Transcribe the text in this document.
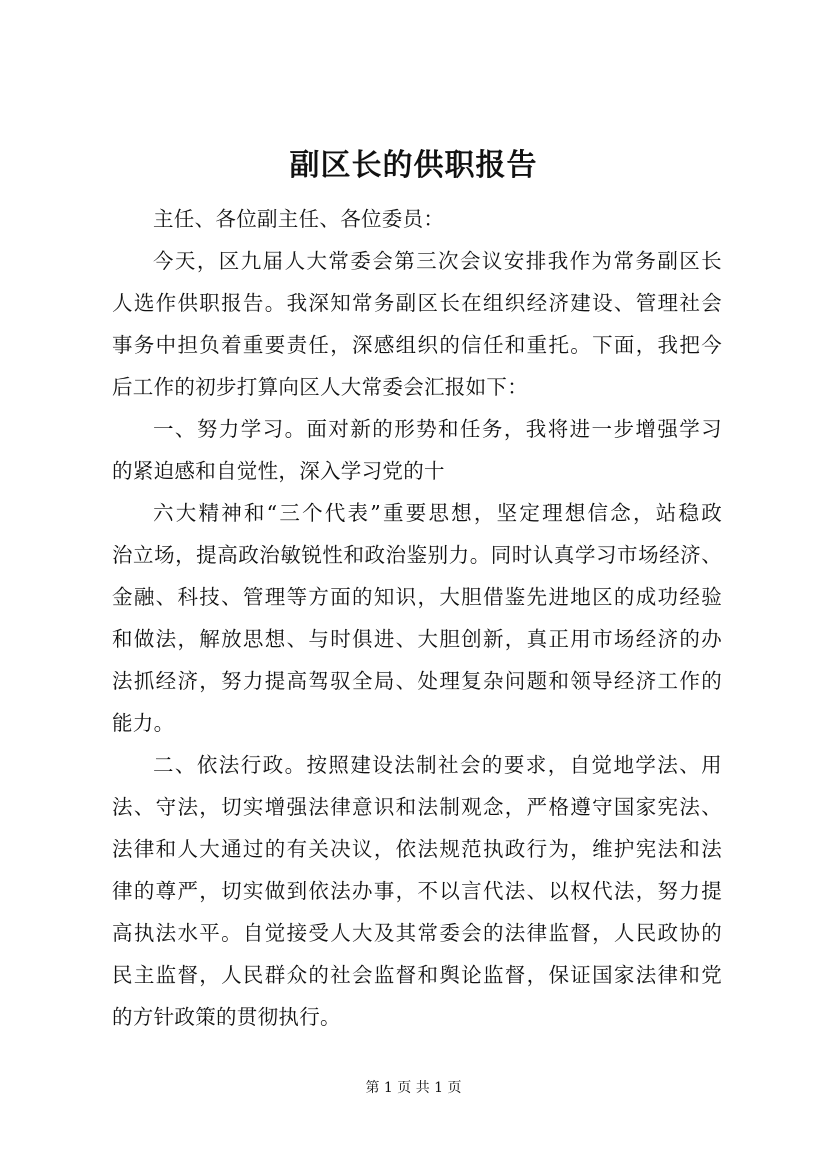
副区长的供职报告
主任、各位副主任、各位委员：
今天，区九届人大常委会第三次会议安排我作为常务副区长
人选作供职报告。我深知常务副区长在组织经济建设、管理社会
事务中担负着重要责任，深感组织的信任和重托。下面，我把今
后工作的初步打算向区人大常委会汇报如下：
一、努力学习。面对新的形势和任务，我将进一步增强学习
的紧迫感和自觉性，深入学习党的十
六大精神和“三个代表”重要思想，坚定理想信念，站稳政
治立场，提高政治敏锐性和政治鉴别力。同时认真学习市场经济、
金融、科技、管理等方面的知识，大胆借鉴先进地区的成功经验
和做法，解放思想、与时俱进、大胆创新，真正用市场经济的办
法抓经济，努力提高驾驭全局、处理复杂问题和领导经济工作的
能力。
二、依法行政。按照建设法制社会的要求，自觉地学法、用
法、守法，切实增强法律意识和法制观念，严格遵守国家宪法、
法律和人大通过的有关决议，依法规范执政行为，维护宪法和法
律的尊严，切实做到依法办事，不以言代法、以权代法，努力提
高执法水平。自觉接受人大及其常委会的法律监督，人民政协的
民主监督，人民群众的社会监督和舆论监督，保证国家法律和党
的方针政策的贯彻执行。
第 1 页 共 1 页
